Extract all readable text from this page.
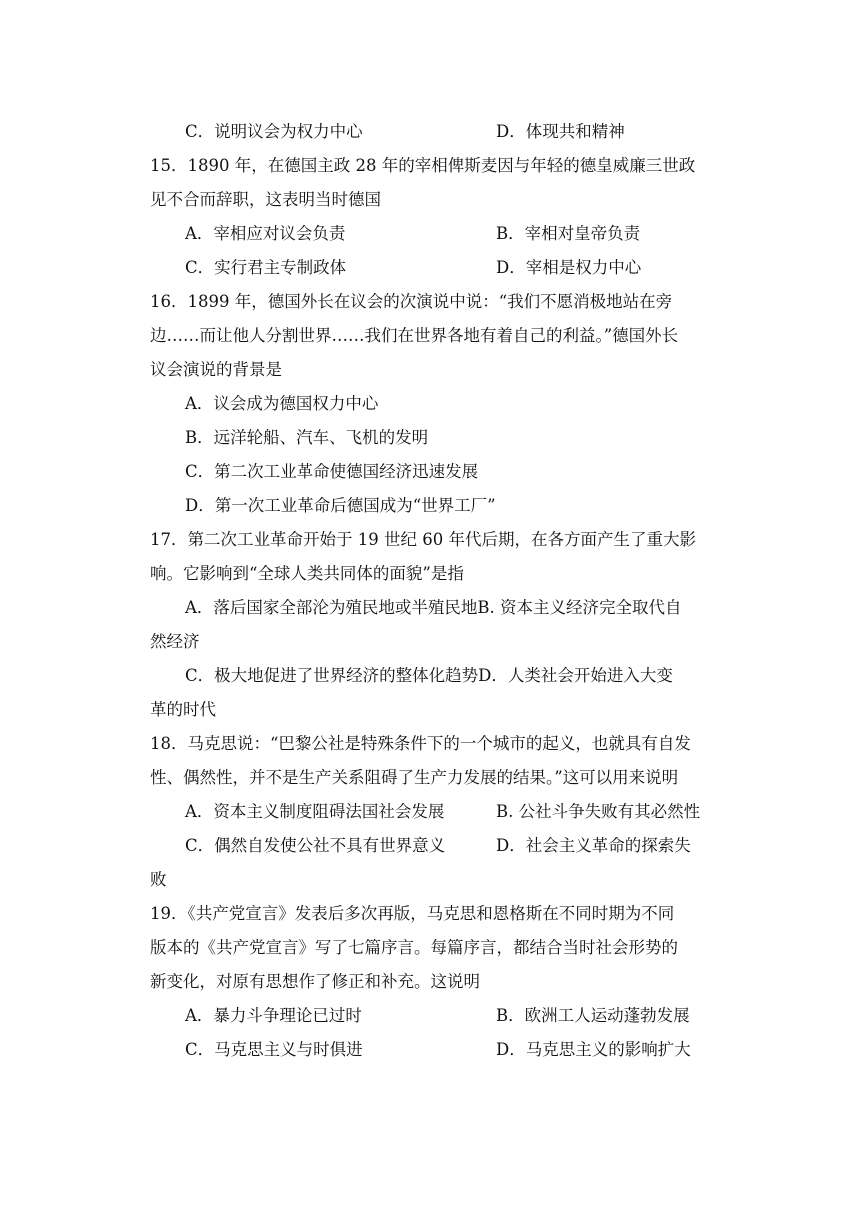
C．说明议会为权力中心	D．体现共和精神
15．1890 年，在德国主政 28 年的宰相俾斯麦因与年轻的德皇威廉三世政
见不合而辞职，这表明当时德国
A．宰相应对议会负责	B．宰相对皇帝负责
C．实行君主专制政体	D．宰相是权力中心
16．1899 年，德国外长在议会的次演说中说：“我们不愿消极地站在旁
边……而让他人分割世界……我们在世界各地有着自己的利益。”德国外长
议会演说的背景是
A．议会成为德国权力中心
B．远洋轮船、汽车、飞机的发明
C．第二次工业革命使德国经济迅速发展
D．第一次工业革命后德国成为“世界工厂”
17．第二次工业革命开始于 19 世纪 60 年代后期，在各方面产生了重大影
响。它影响到“全球人类共同体的面貌”是指
A．落后国家全部沦为殖民地或半殖民地B. 资本主义经济完全取代自
然经济
C．极大地促进了世界经济的整体化趋势D．人类社会开始进入大变
革的时代
18．马克思说：“巴黎公社是特殊条件下的一个城市的起义，也就具有自发
性、偶然性，并不是生产关系阻碍了生产力发展的结果。”这可以用来说明
A．资本主义制度阻碍法国社会发展	B. 公社斗争失败有其必然性
C．偶然自发使公社不具有世界意义	D．社会主义革命的探索失
败
19．《共产党宣言》发表后多次再版，马克思和恩格斯在不同时期为不同
版本的《共产党宣言》写了七篇序言。每篇序言，都结合当时社会形势的
新变化，对原有思想作了修正和补充。这说明
A．暴力斗争理论已过时	B．欧洲工人运动蓬勃发展
C．马克思主义与时俱进	D．马克思主义的影响扩大
